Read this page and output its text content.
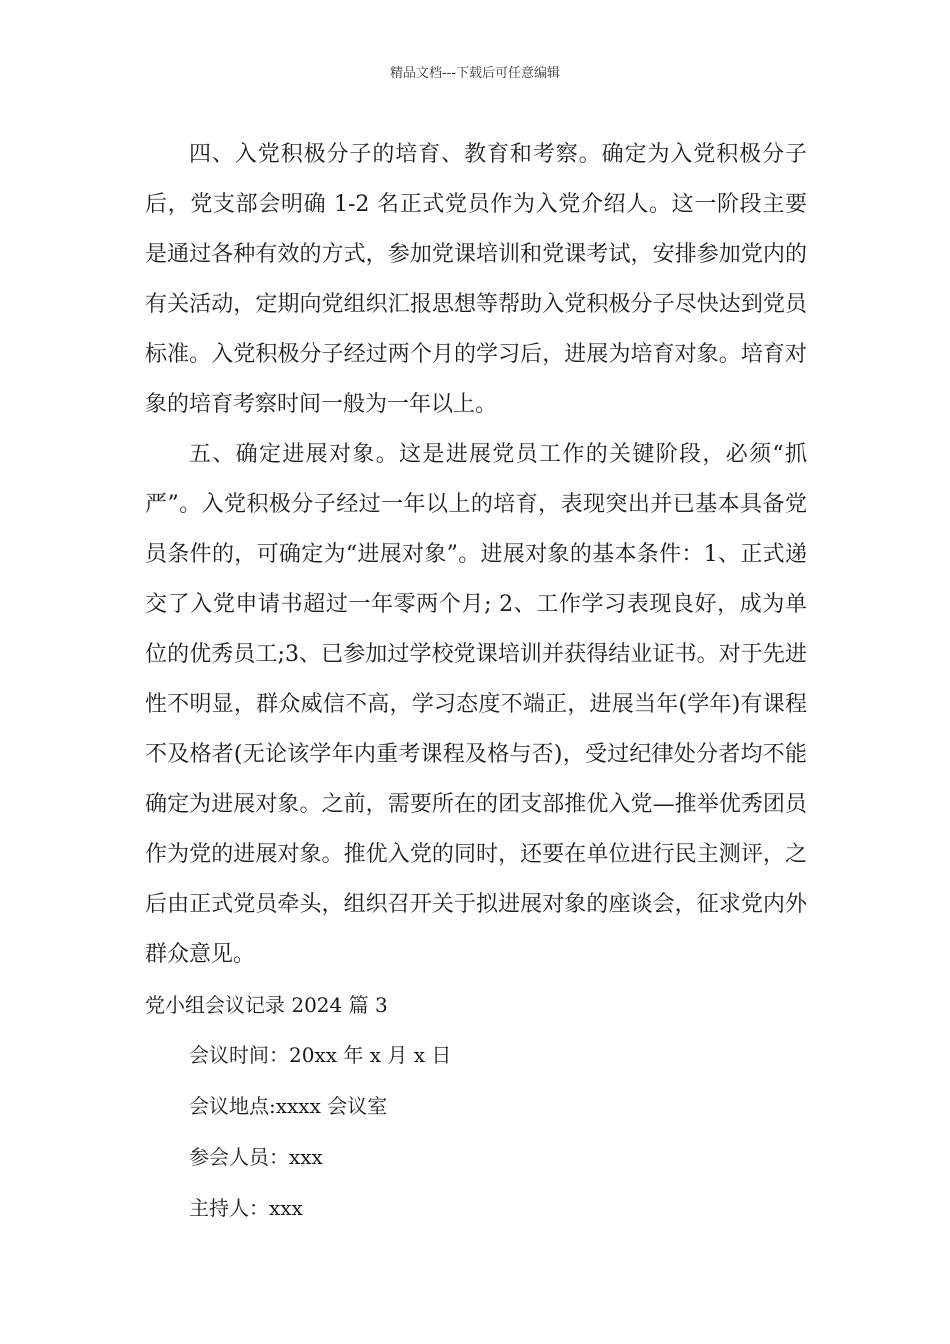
精品文档---下载后可任意编辑

四、入党积极分子的培育、教育和考察。确定为入党积极分子后，党支部会明确 1-2 名正式党员作为入党介绍人。这一阶段主要是通过各种有效的方式，参加党课培训和党课考试，安排参加党内的有关活动，定期向党组织汇报思想等帮助入党积极分子尽快达到党员标准。入党积极分子经过两个月的学习后，进展为培育对象。培育对象的培育考察时间一般为一年以上。

五、确定进展对象。这是进展党员工作的关键阶段，必须“抓严”。入党积极分子经过一年以上的培育，表现突出并已基本具备党员条件的，可确定为“进展对象”。进展对象的基本条件：1、正式递交了入党申请书超过一年零两个月; 2、工作学习表现良好，成为单位的优秀员工;3、已参加过学校党课培训并获得结业证书。对于先进性不明显，群众威信不高，学习态度不端正，进展当年(学年)有课程不及格者(无论该学年内重考课程及格与否)，受过纪律处分者均不能确定为进展对象。之前，需要所在的团支部推优入党—推举优秀团员作为党的进展对象。推优入党的同时，还要在单位进行民主测评，之后由正式党员牵头，组织召开关于拟进展对象的座谈会，征求党内外群众意见。

党小组会议记录 2024 篇 3

会议时间：20xx 年 x 月 x 日

会议地点:xxxx 会议室

参会人员：xxx

主持人：xxx
